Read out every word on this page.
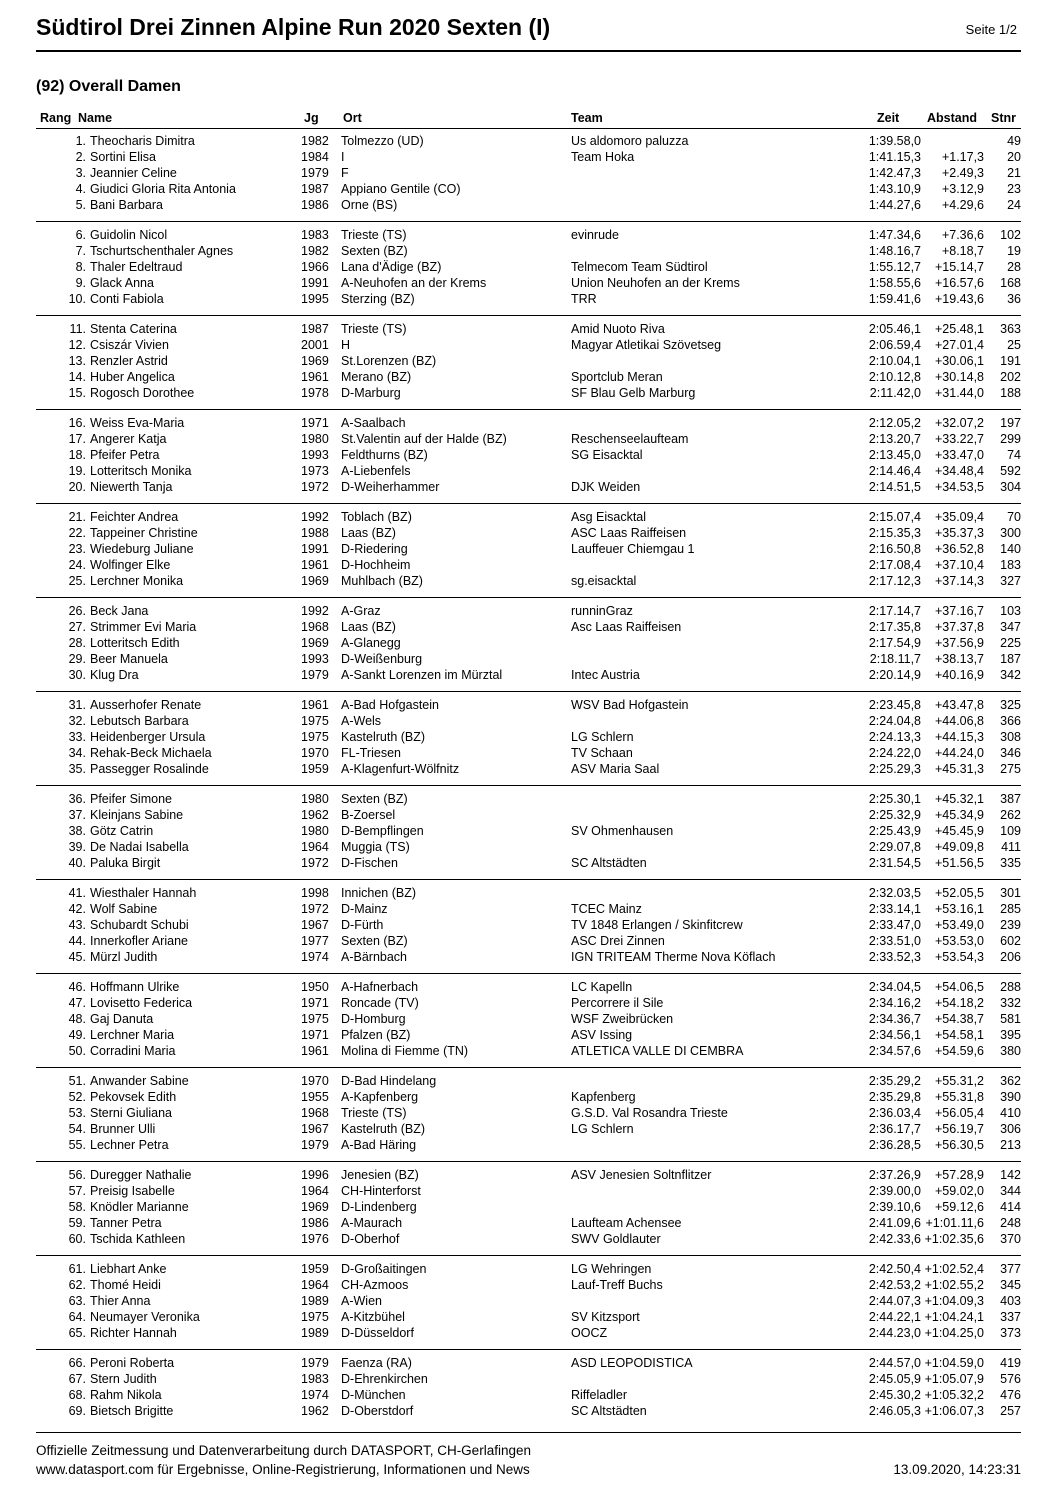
Südtirol Drei Zinnen Alpine Run 2020 Sexten (I)	Seite 1/2
(92) Overall Damen
Rang Name	Jg Ort	Team	Zeit Abstand Stnr
1. Theocharis Dimitra	1982 Tolmezzo (UD)	Us aldomoro paluzza	1:39.58,0	49
2. Sortini Elisa	1984 I	Team Hoka	1:41.15,3	+1.17,3	20
3. Jeannier Celine	1979 F	1:42.47,3	+2.49,3	21
4. Giudici Gloria Rita Antonia	1987 Appiano Gentile (CO)	1:43.10,9	+3.12,9	23
5. Bani Barbara	1986 Orne (BS)	1:44.27,6	+4.29,6	24
6. Guidolin Nicol	1983 Trieste (TS)	evinrude	1:47.34,6	+7.36,6	102
7. Tschurtschenthaler Agnes	1982 Sexten (BZ)	1:48.16,7	+8.18,7	19
8. Thaler Edeltraud	1966 Lana d'Ädige (BZ)	Telmecom Team Südtirol	1:55.12,7	+15.14,7	28
9. Glack Anna	1991 A-Neuhofen an der Krems	Union Neuhofen an der Krems	1:58.55,6	+16.57,6	168
10. Conti Fabiola	1995 Sterzing (BZ)	TRR	1:59.41,6	+19.43,6	36
11. Stenta Caterina	1987 Trieste (TS)	Amid Nuoto Riva	2:05.46,1	+25.48,1	363
12. Csiszár Vivien	2001 H	Magyar Atletikai Szövetseg	2:06.59,4	+27.01,4	25
13. Renzler Astrid	1969 St.Lorenzen (BZ)	2:10.04,1	+30.06,1	191
14. Huber Angelica	1961 Merano (BZ)	Sportclub Meran	2:10.12,8	+30.14,8	202
15. Rogosch Dorothee	1978 D-Marburg	SF Blau Gelb Marburg	2:11.42,0	+31.44,0	188
16. Weiss Eva-Maria	1971 A-Saalbach	2:12.05,2	+32.07,2	197
17. Angerer Katja	1980 St.Valentin auf der Halde (BZ)	Reschenseelaufteam	2:13.20,7	+33.22,7	299
18. Pfeifer Petra	1993 Feldthurns (BZ)	SG Eisacktal	2:13.45,0	+33.47,0	74
19. Lotteritsch Monika	1973 A-Liebenfels	2:14.46,4	+34.48,4	592
20. Niewerth Tanja	1972 D-Weiherhammer	DJK Weiden	2:14.51,5	+34.53,5	304
21. Feichter Andrea	1992 Toblach (BZ)	Asg Eisacktal	2:15.07,4	+35.09,4	70
22. Tappeiner Christine	1988 Laas (BZ)	ASC Laas Raiffeisen	2:15.35,3	+35.37,3	300
23. Wiedeburg Juliane	1991 D-Riedering	Lauffeuer Chiemgau 1	2:16.50,8	+36.52,8	140
24. Wolfinger Elke	1961 D-Hochheim	2:17.08,4	+37.10,4	183
25. Lerchner Monika	1969 Muhlbach (BZ)	sg.eisacktal	2:17.12,3	+37.14,3	327
26. Beck Jana	1992 A-Graz	runninGraz	2:17.14,7	+37.16,7	103
27. Strimmer Evi Maria	1968 Laas (BZ)	Asc Laas Raiffeisen	2:17.35,8	+37.37,8	347
28. Lotteritsch Edith	1969 A-Glanegg	2:17.54,9	+37.56,9	225
29. Beer Manuela	1993 D-Weißenburg	2:18.11,7	+38.13,7	187
30. Klug Dra	1979 A-Sankt Lorenzen im Mürztal	Intec Austria	2:20.14,9	+40.16,9	342
31. Ausserhofer Renate	1961 A-Bad Hofgastein	WSV Bad Hofgastein	2:23.45,8	+43.47,8	325
32. Lebutsch Barbara	1975 A-Wels	2:24.04,8	+44.06,8	366
33. Heidenberger Ursula	1975 Kastelruth (BZ)	LG Schlern	2:24.13,3	+44.15,3	308
34. Rehak-Beck Michaela	1970 FL-Triesen	TV Schaan	2:24.22,0	+44.24,0	346
35. Passegger Rosalinde	1959 A-Klagenfurt-Wölfnitz	ASV Maria Saal	2:25.29,3	+45.31,3	275
36. Pfeifer Simone	1980 Sexten (BZ)	2:25.30,1	+45.32,1	387
37. Kleinjans Sabine	1962 B-Zoersel	2:25.32,9	+45.34,9	262
38. Götz Catrin	1980 D-Bempflingen	SV Ohmenhausen	2:25.43,9	+45.45,9	109
39. De Nadai Isabella	1964 Muggia (TS)	2:29.07,8	+49.09,8	411
40. Paluka Birgit	1972 D-Fischen	SC Altstädten	2:31.54,5	+51.56,5	335
41. Wiesthaler Hannah	1998 Innichen (BZ)	2:32.03,5	+52.05,5	301
42. Wolf Sabine	1972 D-Mainz	TCEC Mainz	2:33.14,1	+53.16,1	285
43. Schubardt Schubi	1967 D-Fürth	TV 1848 Erlangen / Skinfitcrew	2:33.47,0	+53.49,0	239
44. Innerkofler Ariane	1977 Sexten (BZ)	ASC Drei Zinnen	2:33.51,0	+53.53,0	602
45. Mürzl Judith	1974 A-Bärnbach	IGN TRITEAM Therme Nova Köflach	2:33.52,3	+53.54,3	206
46. Hoffmann Ulrike	1950 A-Hafnerbach	LC Kapelln	2:34.04,5	+54.06,5	288
47. Lovisetto Federica	1971 Roncade (TV)	Percorrere il Sile	2:34.16,2	+54.18,2	332
48. Gaj Danuta	1975 D-Homburg	WSF Zweibrücken	2:34.36,7	+54.38,7	581
49. Lerchner Maria	1971 Pfalzen (BZ)	ASV Issing	2:34.56,1	+54.58,1	395
50. Corradini Maria	1961 Molina di Fiemme (TN)	ATLETICA VALLE DI CEMBRA	2:34.57,6	+54.59,6	380
51. Anwander Sabine	1970 D-Bad Hindelang	2:35.29,2	+55.31,2	362
52. Pekovsek Edith	1955 A-Kapfenberg	Kapfenberg	2:35.29,8	+55.31,8	390
53. Sterni Giuliana	1968 Trieste (TS)	G.S.D. Val Rosandra Trieste	2:36.03,4	+56.05,4	410
54. Brunner Ulli	1967 Kastelruth (BZ)	LG Schlern	2:36.17,7	+56.19,7	306
55. Lechner Petra	1979 A-Bad Häring	2:36.28,5	+56.30,5	213
56. Duregger Nathalie	1996 Jenesien (BZ)	ASV Jenesien Soltnflitzer	2:37.26,9	+57.28,9	142
57. Preisig Isabelle	1964 CH-Hinterforst	2:39.00,0	+59.02,0	344
58. Knödler Marianne	1969 D-Lindenberg	2:39.10,6	+59.12,6	414
59. Tanner Petra	1986 A-Maurach	Laufteam Achensee	2:41.09,6 +1:01.11,6	248
60. Tschida Kathleen	1976 D-Oberhof	SWV Goldlauter	2:42.33,6 +1:02.35,6	370
61. Liebhart Anke	1959 D-Großaitingen	LG Wehringen	2:42.50,4 +1:02.52,4	377
62. Thomé Heidi	1964 CH-Azmoos	Lauf-Treff Buchs	2:42.53,2 +1:02.55,2	345
63. Thier Anna	1989 A-Wien	2:44.07,3 +1:04.09,3	403
64. Neumayer Veronika	1975 A-Kitzbühel	SV Kitzsport	2:44.22,1 +1:04.24,1	337
65. Richter Hannah	1989 D-Düsseldorf	OOCZ	2:44.23,0 +1:04.25,0	373
66. Peroni Roberta	1979 Faenza (RA)	ASD LEOPODISTICA	2:44.57,0 +1:04.59,0	419
67. Stern Judith	1983 D-Ehrenkirchen	2:45.05,9 +1:05.07,9	576
68. Rahm Nikola	1974 D-München	Riffeladler	2:45.30,2 +1:05.32,2	476
69. Bietsch Brigitte	1962 D-Oberstdorf	SC Altstädten	2:46.05,3 +1:06.07,3	257
Offizielle Zeitmessung und Datenverarbeitung durch DATASPORT, CH-Gerlafingen
www.datasport.com für Ergebnisse, Online-Registrierung, Informationen und News	13.09.2020, 14:23:31
